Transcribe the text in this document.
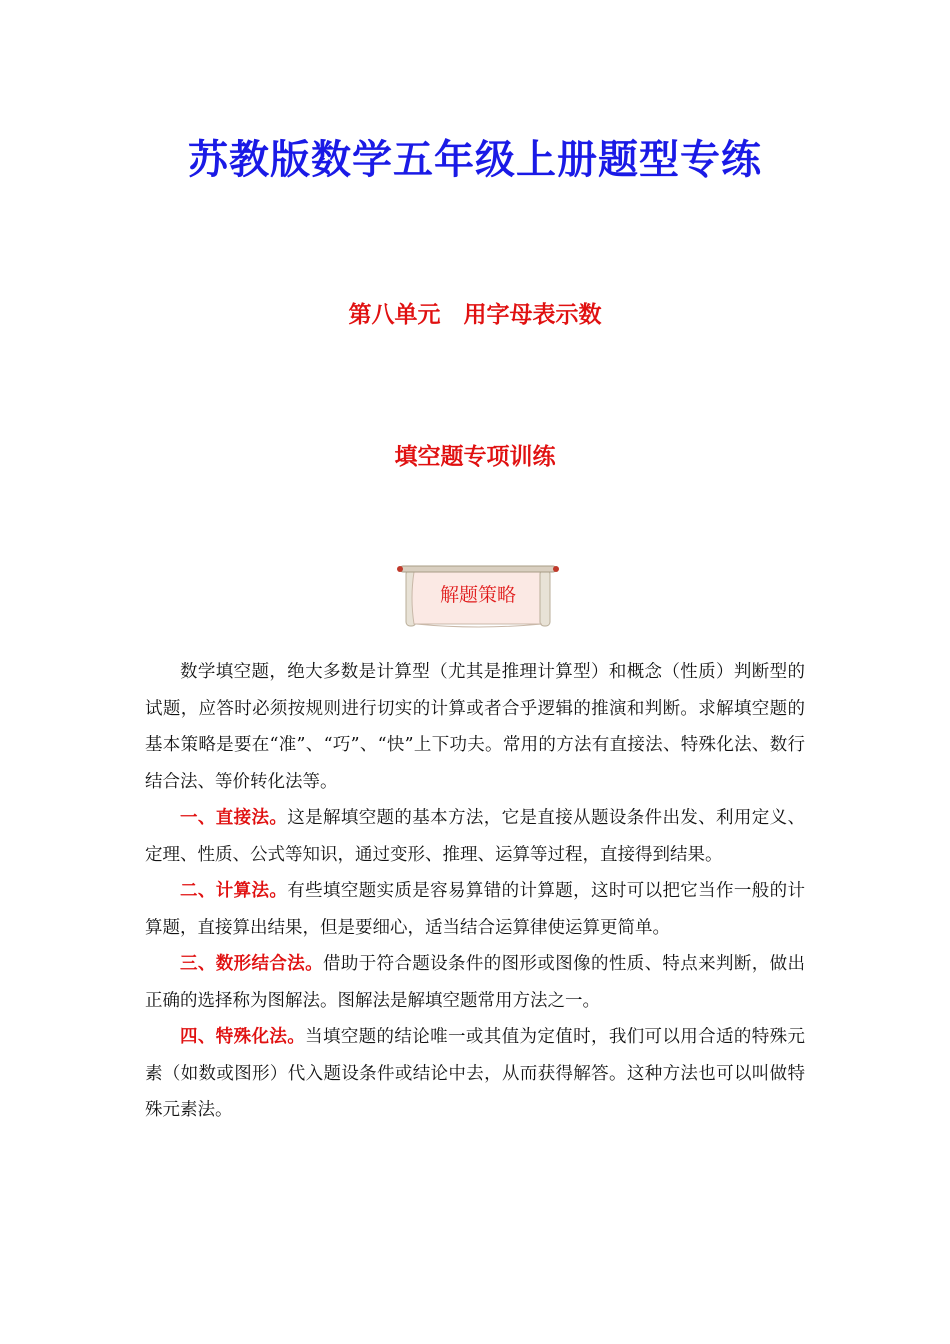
苏教版数学五年级上册题型专练
第八单元　用字母表示数
填空题专项训练
解题策略

数学填空题，绝大多数是计算型（尤其是推理计算型）和概念（性质）判断型的试题，应答时必须按规则进行切实的计算或者合乎逻辑的推演和判断。求解填空题的基本策略是要在“准”、“巧”、“快”上下功夫。常用的方法有直接法、特殊化法、数行结合法、等价转化法等。

一、直接法。这是解填空题的基本方法，它是直接从题设条件出发、利用定义、定理、性质、公式等知识，通过变形、推理、运算等过程，直接得到结果。

二、计算法。有些填空题实质是容易算错的计算题，这时可以把它当作一般的计算题，直接算出结果，但是要细心，适当结合运算律使运算更简单。

三、数形结合法。借助于符合题设条件的图形或图像的性质、特点来判断，做出正确的选择称为图解法。图解法是解填空题常用方法之一。

四、特殊化法。当填空题的结论唯一或其值为定值时，我们可以用合适的特殊元素（如数或图形）代入题设条件或结论中去，从而获得解答。这种方法也可以叫做特殊元素法。
